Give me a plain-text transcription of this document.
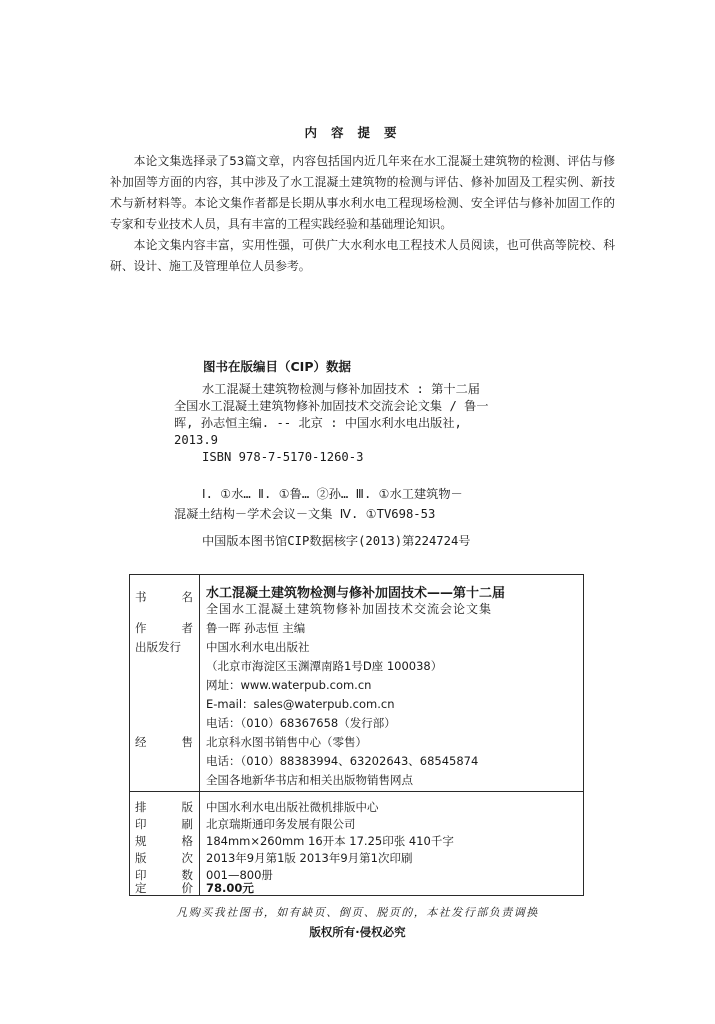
内容提要

本论文集选择录了53篇文章，内容包括国内近几年来在水工混凝土建筑物的检测、评估与修补加固等方面的内容，其中涉及了水工混凝土建筑物的检测与评估、修补加固及工程实例、新技术与新材料等。本论文集作者都是长期从事水利水电工程现场检测、安全评估与修补加固工作的专家和专业技术人员，具有丰富的工程实践经验和基础理论知识。

本论文集内容丰富，实用性强，可供广大水利水电工程技术人员阅读，也可供高等院校、科研、设计、施工及管理单位人员参考。

图书在版编目（CIP）数据
水工混凝土建筑物检测与修补加固技术 : 第十二届
全国水工混凝土建筑物修补加固技术交流会论文集 / 鲁一
晖, 孙志恒主编. -- 北京 : 中国水利水电出版社,
2013.9
ISBN 978-7-5170-1260-3
Ⅰ. ①水… Ⅱ. ①鲁… ②孙… Ⅲ. ①水工建筑物－
混凝土结构－学术会议－文集 Ⅳ. ①TV698-53
中国版本图书馆CIP数据核字(2013)第224724号
书	名 水工混凝土建筑物检测与修补加固技术——第十二届
全国水工混凝土建筑物修补加固技术交流会论文集
作	者 鲁一晖 孙志恒 主编
出版发行	中国水利水电出版社
（北京市海淀区玉渊潭南路1号D座 100038）
网址：www.waterpub.com.cn
E-mail：sales@waterpub.com.cn
电话：（010）68367658（发行部）
经	售 北京科水图书销售中心（零售）
电话：（010）88383994、63202643、68545874
全国各地新华书店和相关出版物销售网点
排	版 中国水利水电出版社微机排版中心
印	刷 北京瑞斯通印务发展有限公司
规	格 184mm×260mm 16开本 17.25印张 410千字
版	次 2013年9月第1版 2013年9月第1次印刷
印	数 001—800册
定	价 78.00元
凡购买我社图书，如有缺页、倒页、脱页的，本社发行部负责调换
版权所有·侵权必究
